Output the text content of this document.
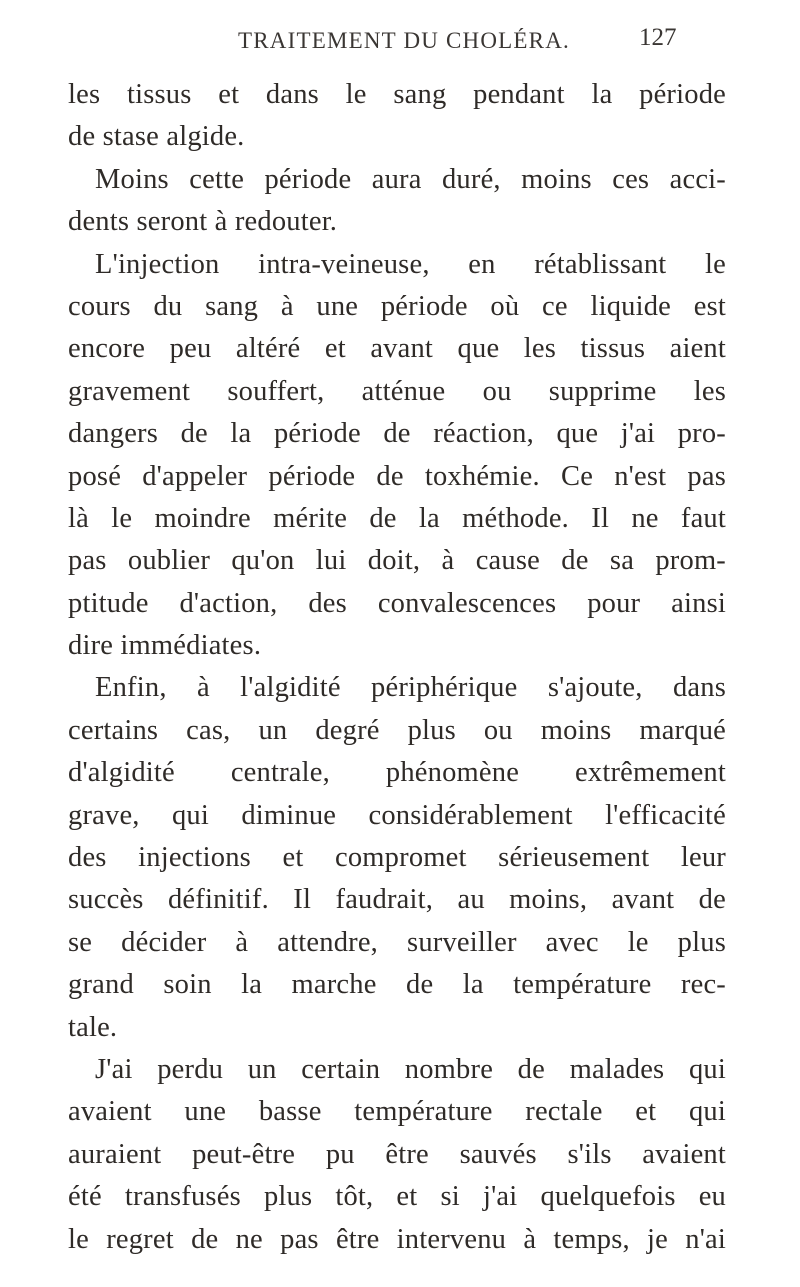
TRAITEMENT DU CHOLÉRA.	127
les tissus et dans le sang pendant la période
de stase algide.
Moins cette période aura duré, moins ces acci-
dents seront à redouter.
L'injection intra-veineuse, en rétablissant le
cours du sang à une période où ce liquide est
encore peu altéré et avant que les tissus aient
gravement souffert, atténue ou supprime les
dangers de la période de réaction, que j'ai pro-
posé d'appeler période de toxhémie. Ce n'est pas
là le moindre mérite de la méthode. Il ne faut
pas oublier qu'on lui doit, à cause de sa prom-
ptitude d'action, des convalescences pour ainsi
dire immédiates.
Enfin, à l'algidité périphérique s'ajoute, dans
certains cas, un degré plus ou moins marqué
d'algidité centrale, phénomène extrêmement
grave, qui diminue considérablement l'efficacité
des injections et compromet sérieusement leur
succès définitif. Il faudrait, au moins, avant de
se décider à attendre, surveiller avec le plus
grand soin la marche de la température rec-
tale.
J'ai perdu un certain nombre de malades qui
avaient une basse température rectale et qui
auraient peut-être pu être sauvés s'ils avaient
été transfusés plus tôt, et si j'ai quelquefois eu
le regret de ne pas être intervenu à temps, je n'ai
